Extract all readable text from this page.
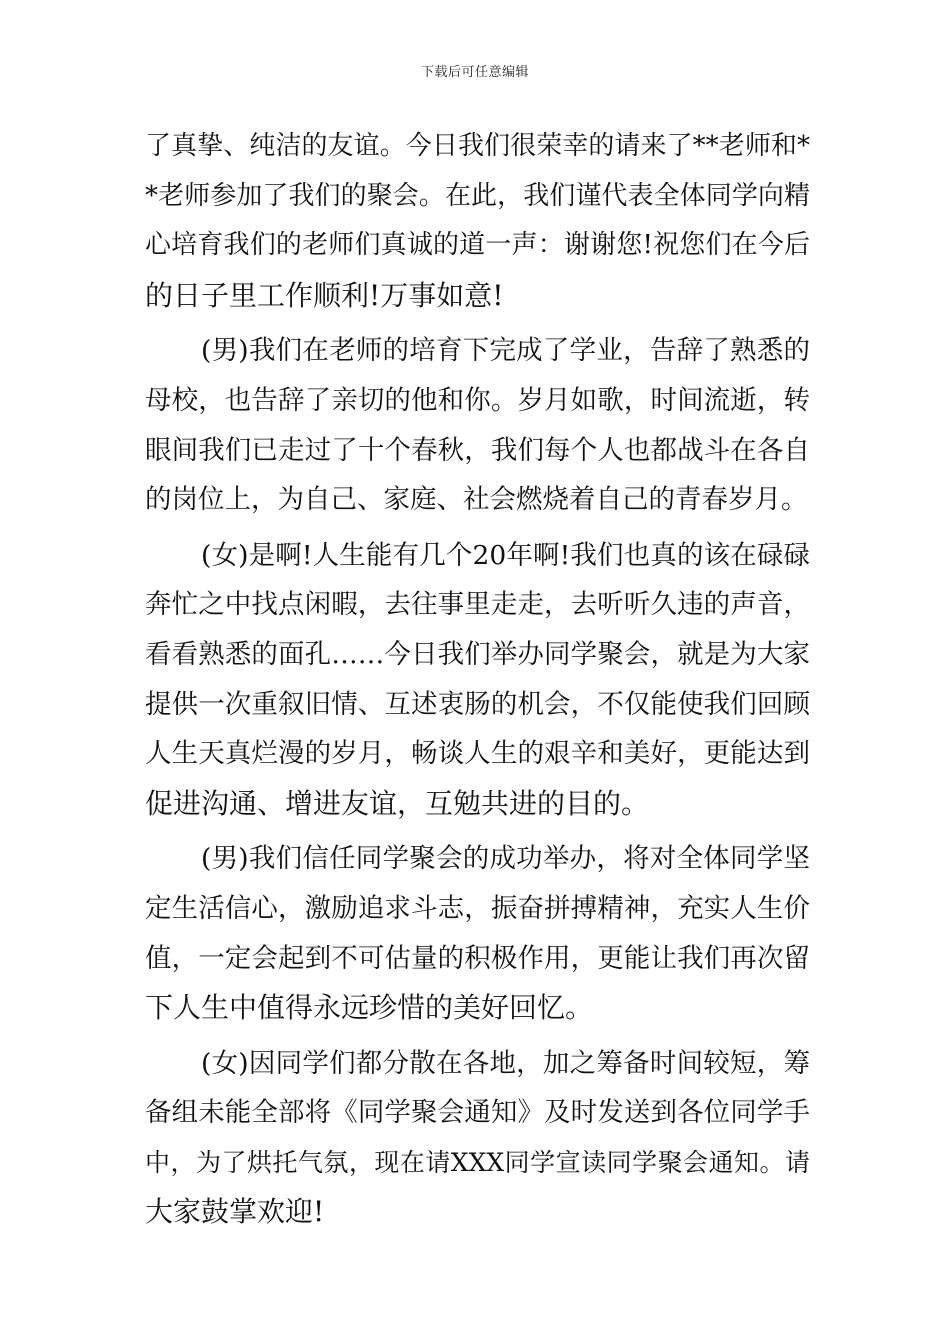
下载后可任意编辑
了真挚、纯洁的友谊。今日我们很荣幸的请来了**老师和*
*老师参加了我们的聚会。在此，我们谨代表全体同学向精
心培育我们的老师们真诚的道一声：谢谢您!祝您们在今后
的日子里工作顺利!万事如意!
(男)我们在老师的培育下完成了学业，告辞了熟悉的
母校，也告辞了亲切的他和你。岁月如歌，时间流逝，转
眼间我们已走过了十个春秋，我们每个人也都战斗在各自
的岗位上，为自己、家庭、社会燃烧着自己的青春岁月。
(女)是啊!人生能有几个20年啊!我们也真的该在碌碌
奔忙之中找点闲暇，去往事里走走，去听听久违的声音，
看看熟悉的面孔……今日我们举办同学聚会，就是为大家
提供一次重叙旧情、互述衷肠的机会，不仅能使我们回顾
人生天真烂漫的岁月，畅谈人生的艰辛和美好，更能达到
促进沟通、增进友谊，互勉共进的目的。
(男)我们信任同学聚会的成功举办，将对全体同学坚
定生活信心，激励追求斗志，振奋拼搏精神，充实人生价
值，一定会起到不可估量的积极作用，更能让我们再次留
下人生中值得永远珍惜的美好回忆。
(女)因同学们都分散在各地，加之筹备时间较短，筹
备组未能全部将《同学聚会通知》及时发送到各位同学手
中，为了烘托气氛，现在请XXX同学宣读同学聚会通知。请
大家鼓掌欢迎!
